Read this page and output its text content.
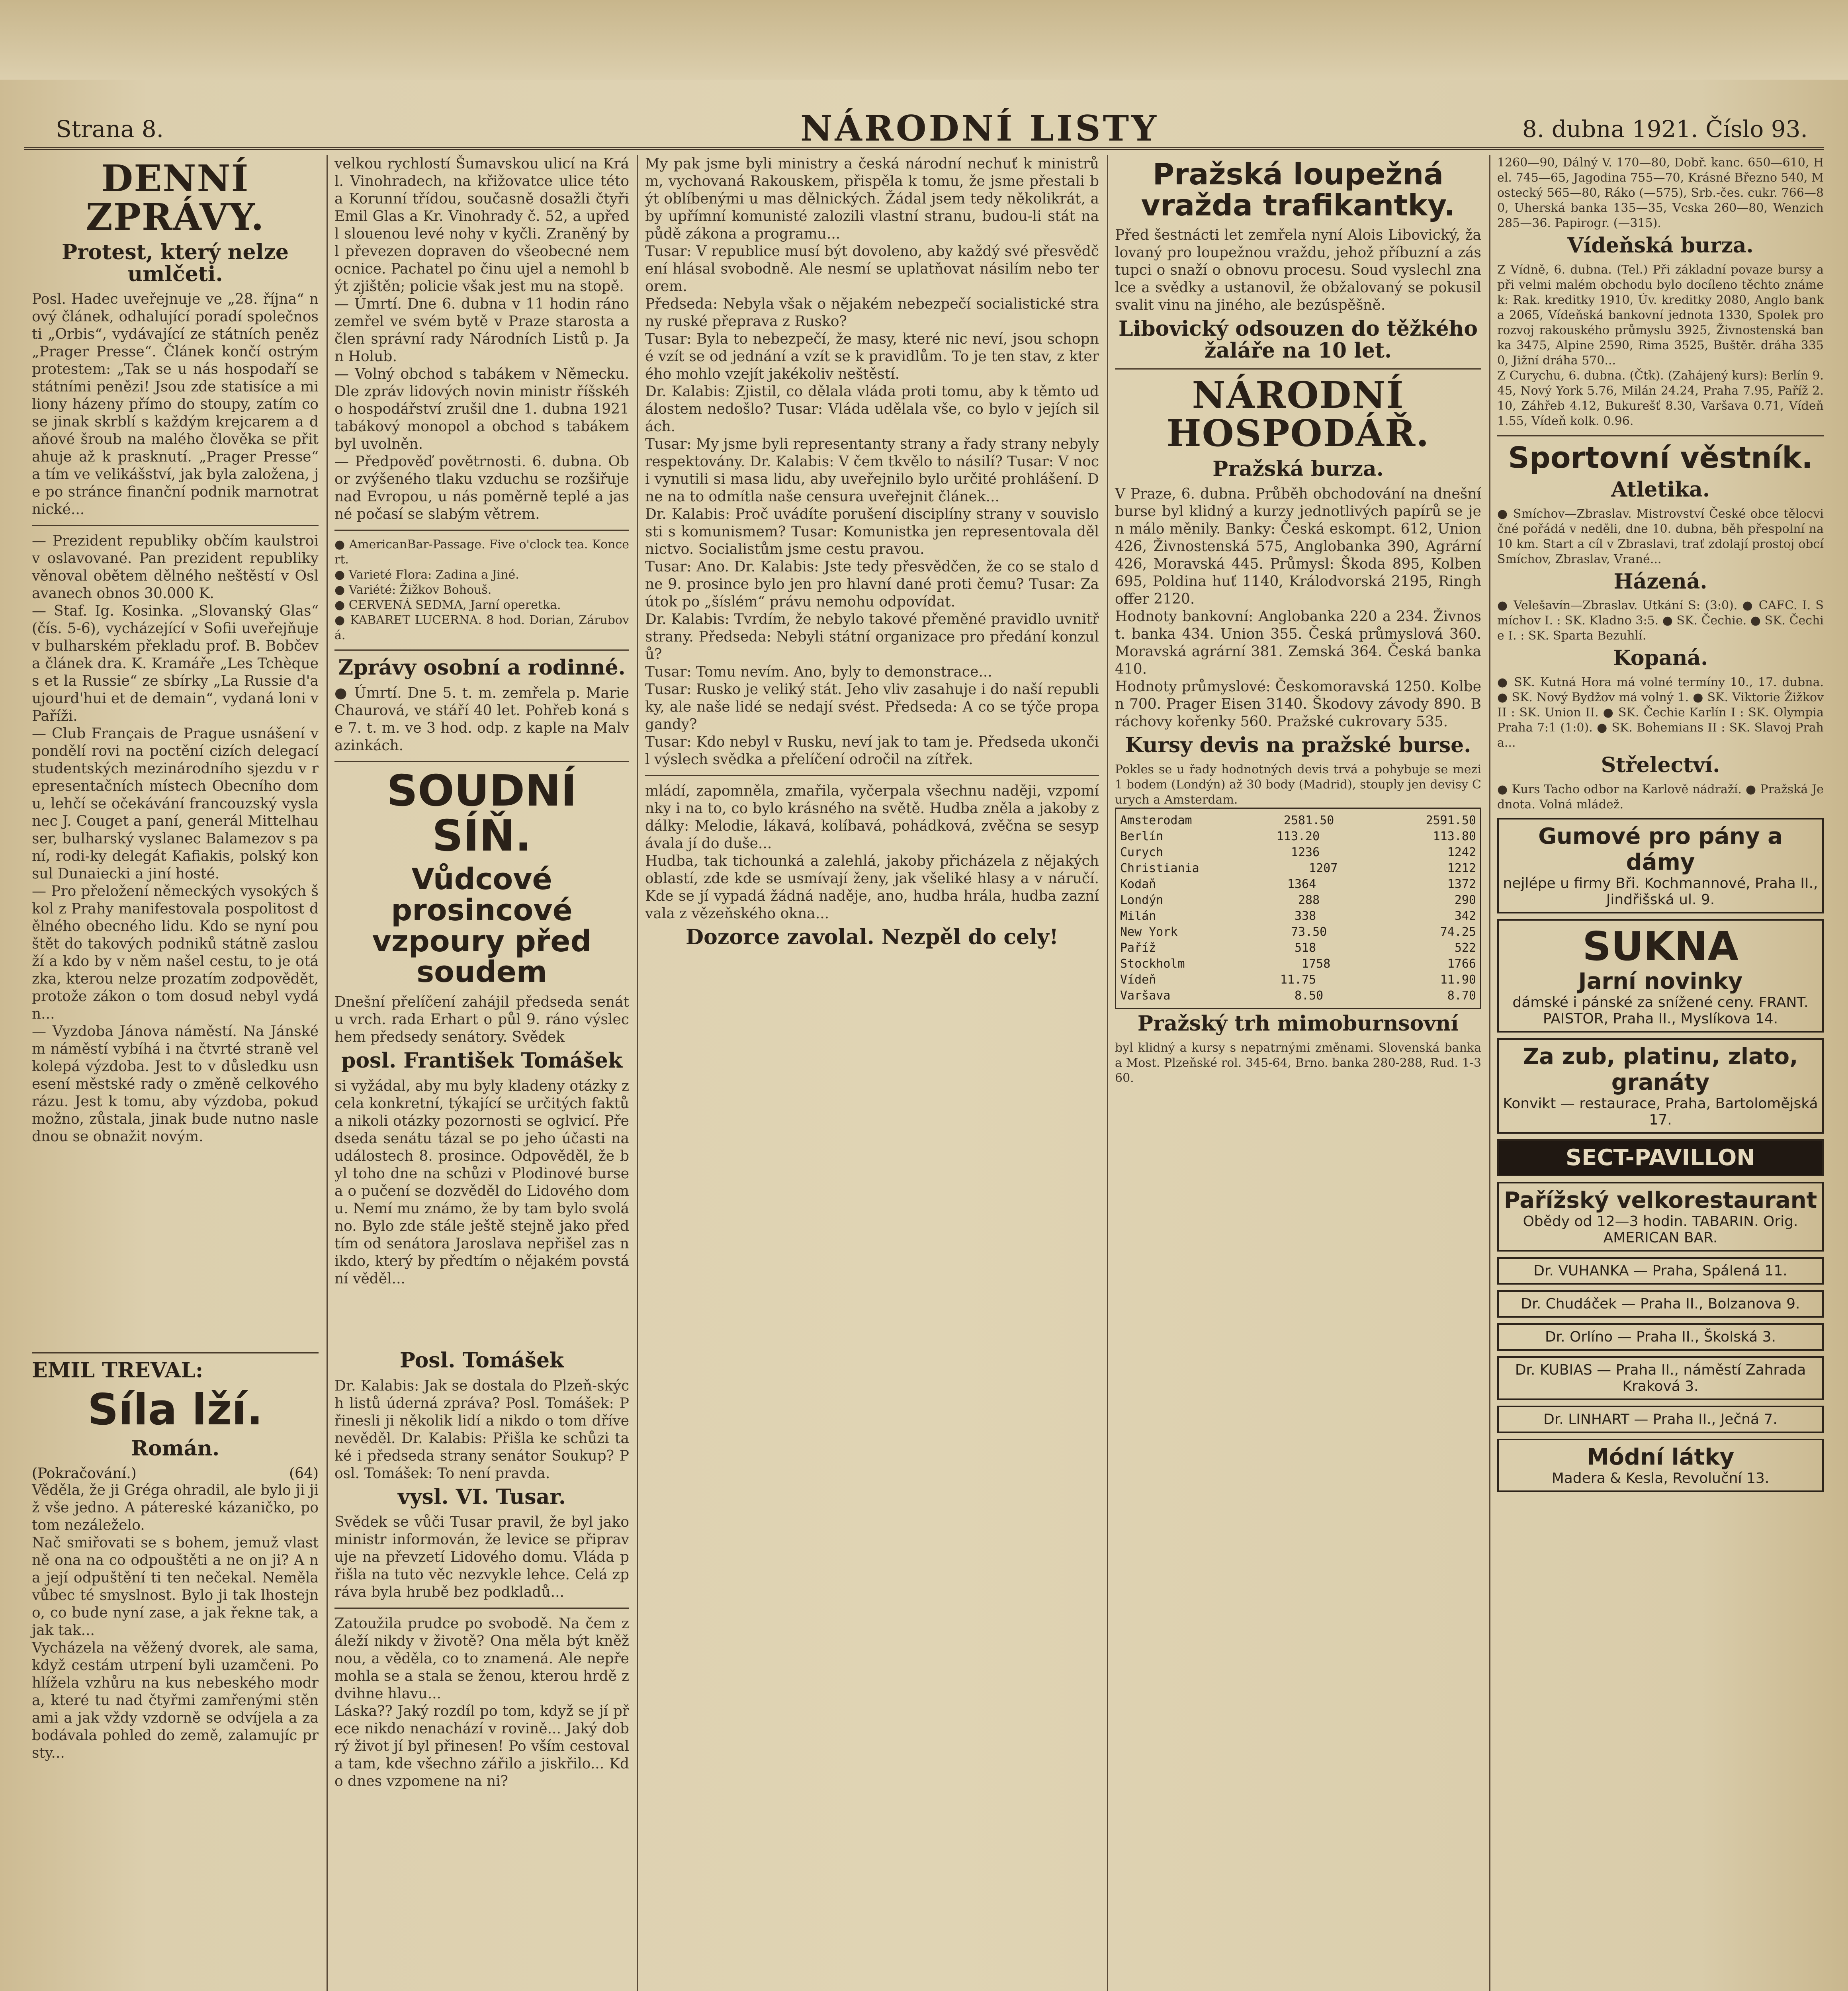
Strana 8.	NÁRODNÍ LISTY	8. dubna 1921. Číslo 93.
DENNÍ ZPRÁVY.
Protest, který nelze umlčeti.
Posl. Hadec uveřejnuje ve „28. října“ nový článek, odhalující poradí společnosti „Orbis“, vydávající ze státních peněz „Prager Presse“. Článek končí ostrým protestem: „Tak se u nás hospodaří se státními penězi! Jsou zde statisíce a miliony házeny přímo do stoupy, zatím co se jinak skrblí s každým krejcarem a daňové šroub na malého člověka se přitahuje až k prasknutí. „Prager Presse“ a tím ve velikášství, jak byla založena, je po stránce finanční podnik marnotratnické...
— Prezident republiky občím kaulstroiv oslavované. Pan prezident republiky věnoval obětem dělného neštěstí v Oslavanech obnos 30.000 K.
— Staf. Ig. Kosinka. „Slovanský Glas“ (čís. 5-6), vycházející v Sofii uveřejňuje v bulharském překladu prof. B. Bobčeva článek dra. K. Kramáře „Les Tchèques et la Russie“ ze sbírky „La Russie d'aujourd'hui et de demain“, vydaná loni v Paříži.
— Club Français de Prague usnášení v pondělí rovi na poctění cizích delegací studentských mezinárodního sjezdu v representačních místech Obecního domu, lehčí se očekávání francouzský vyslanec J. Couget a paní, generál Mittelhauser, bulharský vyslanec Balamezov s paní, rodi-ky delegát Kafiakis, polský konsul Dunaiecki a jiní hosté.
— Pro přeložení německých vysokých škol z Prahy manifestovala pospolitost dělného obecného lidu. Kdo se nyní pouštět do takových podniků státně zaslouží a kdo by v něm našel cestu, to je otázka, kterou nelze prozatím zodpovědět, protože zákon o tom dosud nebyl vydán...
— Vyzdoba Jánova náměstí. Na Jánském náměstí vybíhá i na čtvrté straně velkolepá výzdoba. Jest to v důsledku usnesení městské rady o změně celkového rázu. Jest k tomu, aby výzdoba, pokud možno, zůstala, jinak bude nutno naslednou se obnažit novým.
EMIL TREVAL:
Síla lží.
Román.
(Pokračování.)	(64)
Věděla, že ji Gréga ohradil, ale bylo ji již vše jedno. A pátereské kázaničko, po tom nezáleželo.
Nač smiřovati se s bohem, jemuž vlastně ona na co odpouštěti a ne on ji? A na její odpuštění ti ten nečekal. Neměla vůbec té smyslnost. Bylo ji tak lhostejno, co bude nyní zase, a jak řekne tak, a jak tak...
Vycházela na věžený dvorek, ale sama, když cestám utrpení byli uzamčeni. Pohlížela vzhůru na kus nebeského modra, které tu nad čtyřmi zamřenými stěnami a jak vždy vzdorně se odvíjela a zabodávala pohled do země, zalamujíc prsty...
velkou rychlostí Šumavskou ulicí na Král. Vinohradech, na křižovatce ulice této a Korunní třídou, současně dosažli čtyři Emil Glas a Kr. Vinohrady č. 52, a upředl slouenou levé nohy v kyčli. Zraněný byl převezen dopraven do všeobecné nemocnice. Pachatel po činu ujel a nemohl být zjištěn; policie však jest mu na stopě.
— Úmrtí. Dne 6. dubna v 11 hodin ráno zemřel ve svém bytě v Praze starosta a člen správní rady Národních Listů p. Jan Holub.
— Volný obchod s tabákem v Německu. Dle zpráv lidových novin ministr říšského hospodářství zrušil dne 1. dubna 1921 tabákový monopol a obchod s tabákem byl uvolněn.
— Předpověď povětrnosti. 6. dubna. Obor zvýšeného tlaku vzduchu se rozšiřuje nad Evropou, u nás poměrně teplé a jasné počasí se slabým větrem.
● AmericanBar-Passage. Five o'clock tea. Koncert.
● Varieté Flora: Zadina a Jiné.
● Variété: Žižkov Bohouš.
● CERVENÁ SEDMA, Jarní operetka.
● KABARET LUCERNA. 8 hod. Dorian, Zárubová.
Zprávy osobní a rodinné.
● Úmrtí. Dne 5. t. m. zemřela p. Marie Chaurová, ve stáří 40 let. Pohřeb koná se 7. t. m. ve 3 hod. odp. z kaple na Malvazinkách.
SOUDNÍ SÍŇ.
Vůdcové prosincové vzpoury před soudem
Dnešní přelíčení zahájil předseda senátu vrch. rada Erhart o půl 9. ráno výslechem předsedy senátory. Svědek
posl. František Tomášek
si vyžádal, aby mu byly kladeny otázky zcela konkretní, týkající se určitých faktů a nikoli otázky pozornosti se oglvicí. Předseda senátu tázal se po jeho účasti na událostech 8. prosince. Odpověděl, že byl toho dne na schůzi v Plodinové burse a o pučení se dozvěděl do Lidového domu. Nemí mu známo, že by tam bylo svoláno. Bylo zde stále ještě stejně jako před tím od senátora Jaroslava nepřišel zas nikdo, který by předtím o nějakém povstání věděl...
Posl. Tomášek
Dr. Kalabis: Jak se dostala do Plzeň-ských listů úderná zpráva? Posl. Tomášek: Přinesli ji několik lidí a nikdo o tom dříve nevěděl. Dr. Kalabis: Přišla ke schůzi také i předseda strany senátor Soukup? Posl. Tomášek: To není pravda.
vysl. VI. Tusar.
Svědek se vůči Tusar pravil, že byl jako ministr informován, že levice se připravuje na převzetí Lidového domu. Vláda přišla na tuto věc nezvykle lehce. Celá zpráva byla hrubě bez podkladů...
Zatoužila prudce po svobodě. Na čem záleží nikdy v životě? Ona měla být kněžnou, a věděla, co to znamená. Ale nepřemohla se a stala se ženou, kterou hrdě zdvihne hlavu...
Láska?? Jaký rozdíl po tom, když se jí přece nikdo nenachází v rovině... Jaký dobrý život jí byl přinesen! Po vším cestovala tam, kde všechno zářilo a jiskřilo... Kdo dnes vzpomene na ni?
My pak jsme byli ministry a česká národní nechuť k ministrům, vychovaná Rakouskem, přispěla k tomu, že jsme přestali být oblíbenými u mas dělnických. Žádal jsem tedy několikrát, aby upřímní komunisté zalozili vlastní stranu, budou-li stát na půdě zákona a programu...
Tusar: V republice musí být dovoleno, aby každý své přesvědčení hlásal svobodně. Ale nesmí se uplatňovat násilím nebo terorem.
Předseda: Nebyla však o nějakém nebezpečí socialistické strany ruské přeprava z Rusko?
Tusar: Byla to nebezpečí, že masy, které nic neví, jsou schopné vzít se od jednání a vzít se k pravidlům. To je ten stav, z kterého mohlo vzejít jakékoliv neštěstí.
Dr. Kalabis: Zjistil, co dělala vláda proti tomu, aby k těmto událostem nedošlo? Tusar: Vláda udělala vše, co bylo v jejích silách.
Tusar: My jsme byli representanty strany a řady strany nebyly respektovány. Dr. Kalabis: V čem tkvělo to násilí? Tusar: V noci vynutili si masa lidu, aby uveřejnilo bylo určité prohlášení. Dne na to odmítla naše censura uveřejnit článek...
Dr. Kalabis: Proč uvádíte porušení disciplíny strany v souvislosti s komunismem? Tusar: Komunistka jen representovala dělnictvo. Socialistům jsme cestu pravou.
Tusar: Ano. Dr. Kalabis: Jste tedy přesvědčen, že co se stalo dne 9. prosince bylo jen pro hlavní dané proti čemu? Tusar: Za útok po „šíslém“ právu nemohu odpovídat.
Dr. Kalabis: Tvrdím, že nebylo takové přeměné pravidlo uvnitř strany. Předseda: Nebyli státní organizace pro předání konzulů?
Tusar: Tomu nevím. Ano, byly to demonstrace...
Tusar: Rusko je veliký stát. Jeho vliv zasahuje i do naší republiky, ale naše lidé se nedají svést. Předseda: A co se týče propagandy?
Tusar: Kdo nebyl v Rusku, neví jak to tam je. Předseda ukončil výslech svědka a přelíčení odročil na zítřek.
mládí, zapomněla, zmařila, vyčerpala všechnu naději, vzpomínky i na to, co bylo krásného na světě. Hudba zněla a jakoby z dálky: Melodie, lákavá, kolíbavá, pohádková, zvěčna se sesypávala jí do duše...
Hudba, tak tichounká a zalehlá, jakoby přicházela z nějakých oblastí, zde kde se usmívají ženy, jak všeliké hlasy a v náručí. Kde se jí vypadá žádná naděje, ano, hudba hrála, hudba zaznívala z vězeňského okna...
Dozorce zavolal. Nezpěl do cely!
Pražská loupežná vražda trafikantky.
Před šestnácti let zemřela nyní Alois Libovický, žalovaný pro loupežnou vraždu, jehož příbuzní a zástupci o snaží o obnovu procesu. Soud vyslechl znalce a svědky a ustanovil, že obžalovaný se pokusil svalit vinu na jiného, ale bezúspěšně.
Libovický odsouzen do těžkého žaláře na 10 let.
NÁRODNÍ HOSPODÁŘ.
Pražská burza.
V Praze, 6. dubna. Průběh obchodování na dnešní burse byl klidný a kurzy jednotlivých papírů se jen málo měnily. Banky: Česká eskompt. 612, Union 426, Živnostenská 575, Anglobanka 390, Agrární 426, Moravská 445. Průmysl: Škoda 895, Kolben 695, Poldina huť 1140, Králodvorská 2195, Ringhoffer 2120.
Hodnoty bankovní: Anglobanka 220 a 234. Živnost. banka 434. Union 355. Česká průmyslová 360. Moravská agrární 381. Zemská 364. Česká banka 410.
Hodnoty průmyslové: Českomoravská 1250. Kolben 700. Prager Eisen 3140. Škodovy závody 890. Bráchovy kořenky 560. Pražské cukrovary 535.
Kursy devis na pražské burse.
Pokles se u řady hodnotných devis trvá a pohybuje se mezi 1 bodem (Londýn) až 30 body (Madrid), stouply jen devisy Curych a Amsterdam.
Amsterodam	2581.50	2591.50
Berlín	113.20	113.80
Curych	1236	1242
Christiania	1207	1212
Kodaň	1364	1372
Londýn	288	290
Milán	338	342
New York	73.50	74.25
Paříž	518	522
Stockholm	1758	1766
Vídeň	11.75	11.90
Varšava	8.50	8.70
Pražský trh mimoburnsovní
byl klidný a kursy s nepatrnými změnami. Slovenská banka a Most. Plzeňské rol. 345-64, Brno. banka 280-288, Rud. 1-360.
1260—90, Dálný V. 170—80, Dobř. kanc. 650—610, Hel. 745—65, Jagodina 755—70, Krásné Březno 540, Mostecký 565—80, Ráko (—575), Srb.-čes. cukr. 766—80, Uherská banka 135—35, Vcska 260—80, Wenzich 285—36. Papirogr. (—315).
Vídeňská burza.
Z Vídně, 6. dubna. (Tel.) Při základní povaze bursy a při velmi malém obchodu bylo docíleno těchto známek: Rak. kreditky 1910, Úv. kreditky 2080, Anglo banka 2065, Vídeňská bankovní jednota 1330, Spolek pro rozvoj rakouského průmyslu 3925, Živnostenská banka 3475, Alpine 2590, Rima 3525, Buštěr. dráha 3350, Jižní dráha 570...
Z Curychu, 6. dubna. (Čtk). (Zahájený kurs): Berlín 9.45, Nový York 5.76, Milán 24.24, Praha 7.95, Paříž 2.10, Záhřeb 4.12, Bukurešť 8.30, Varšava 0.71, Vídeň 1.55, Vídeň kolk. 0.96.
Sportovní věstník.
Atletika.
● Smíchov—Zbraslav. Mistrovství České obce tělocvičné pořádá v neděli, dne 10. dubna, běh přespolní na 10 km. Start a cíl v Zbraslavi, trať zdolají prostoj obcí Smíchov, Zbraslav, Vrané...
Házená.
● Velešavín—Zbraslav. Utkání S: (3:0). ● CAFC. I. Smíchov I. : SK. Kladno 3:5. ● SK. Čechie. ● SK. Čechie I. : SK. Sparta Bezuhlí.
Kopaná.
● SK. Kutná Hora má volné termíny 10., 17. dubna. ● SK. Nový Bydžov má volný 1. ● SK. Viktorie Žižkov II : SK. Union II. ● SK. Čechie Karlín I : SK. Olympia Praha 7:1 (1:0). ● SK. Bohemians II : SK. Slavoj Praha...
Střelectví.
● Kurs Tacho odbor na Karlově nádraží. ● Pražská Jednota. Volná mládež.
Gumové pro pány a dámy
nejlépe u firmy Bři. Kochmannové, Praha II., Jindřišská ul. 9.
SUKNA
Jarní novinky
dámské i pánské za snížené ceny. FRANT. PAISTOR, Praha II., Myslíkova 14.
Za zub, platinu, zlato, granáty
Konvikt — restaurace, Praha, Bartolomějská 17.
SECT-PAVILLON
Pařížský velkorestaurant
Obědy od 12—3 hodin. TABARIN. Orig. AMERICAN BAR.
Dr. VUHANKA — Praha, Spálená 11.
Dr. Chudáček — Praha II., Bolzanova 9.
Dr. Orlíno — Praha II., Školská 3.
Dr. KUBIAS — Praha II., náměstí Zahrada Kraková 3.
Dr. LINHART — Praha II., Ječná 7.
Módní látky
Madera & Kesla, Revoluční 13.
